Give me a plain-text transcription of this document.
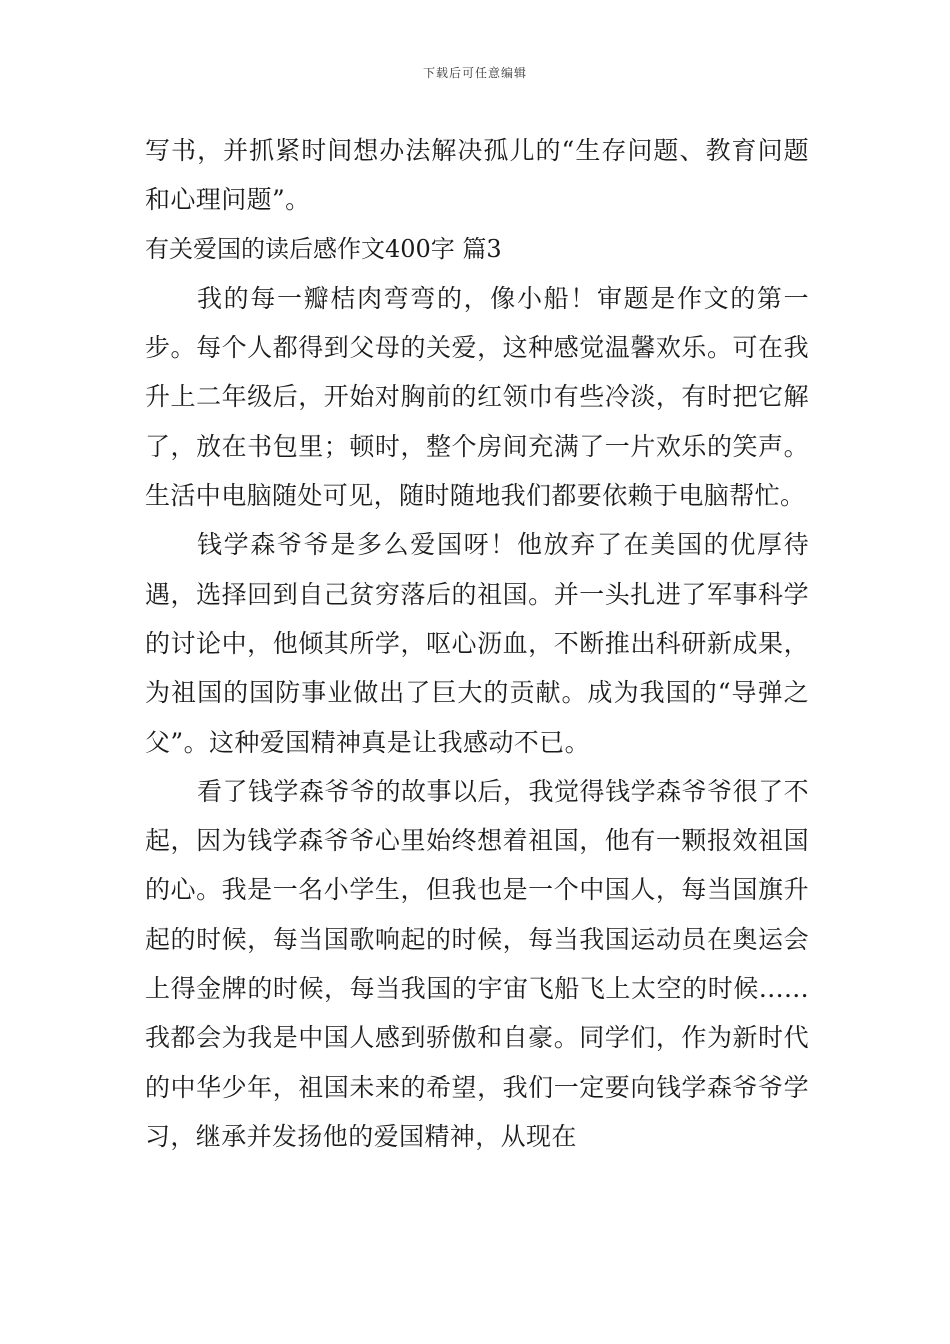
下载后可任意编辑

写书，并抓紧时间想办法解决孤儿的“生存问题、教育问题和心理问题”。

有关爱国的读后感作文400字 篇3

我的每一瓣桔肉弯弯的，像小船！审题是作文的第一步。每个人都得到父母的关爱，这种感觉温馨欢乐。可在我升上二年级后，开始对胸前的红领巾有些冷淡，有时把它解了，放在书包里；顿时，整个房间充满了一片欢乐的笑声。生活中电脑随处可见，随时随地我们都要依赖于电脑帮忙。

钱学森爷爷是多么爱国呀！他放弃了在美国的优厚待遇，选择回到自己贫穷落后的祖国。并一头扎进了军事科学的讨论中，他倾其所学，呕心沥血，不断推出科研新成果，为祖国的国防事业做出了巨大的贡献。成为我国的“导弹之父”。这种爱国精神真是让我感动不已。

看了钱学森爷爷的故事以后，我觉得钱学森爷爷很了不起，因为钱学森爷爷心里始终想着祖国，他有一颗报效祖国的心。我是一名小学生，但我也是一个中国人，每当国旗升起的时候，每当国歌响起的时候，每当我国运动员在奥运会上得金牌的时候，每当我国的宇宙飞船飞上太空的时候......我都会为我是中国人感到骄傲和自豪。同学们，作为新时代的中华少年，祖国未来的希望，我们一定要向钱学森爷爷学习，继承并发扬他的爱国精神，从现在
